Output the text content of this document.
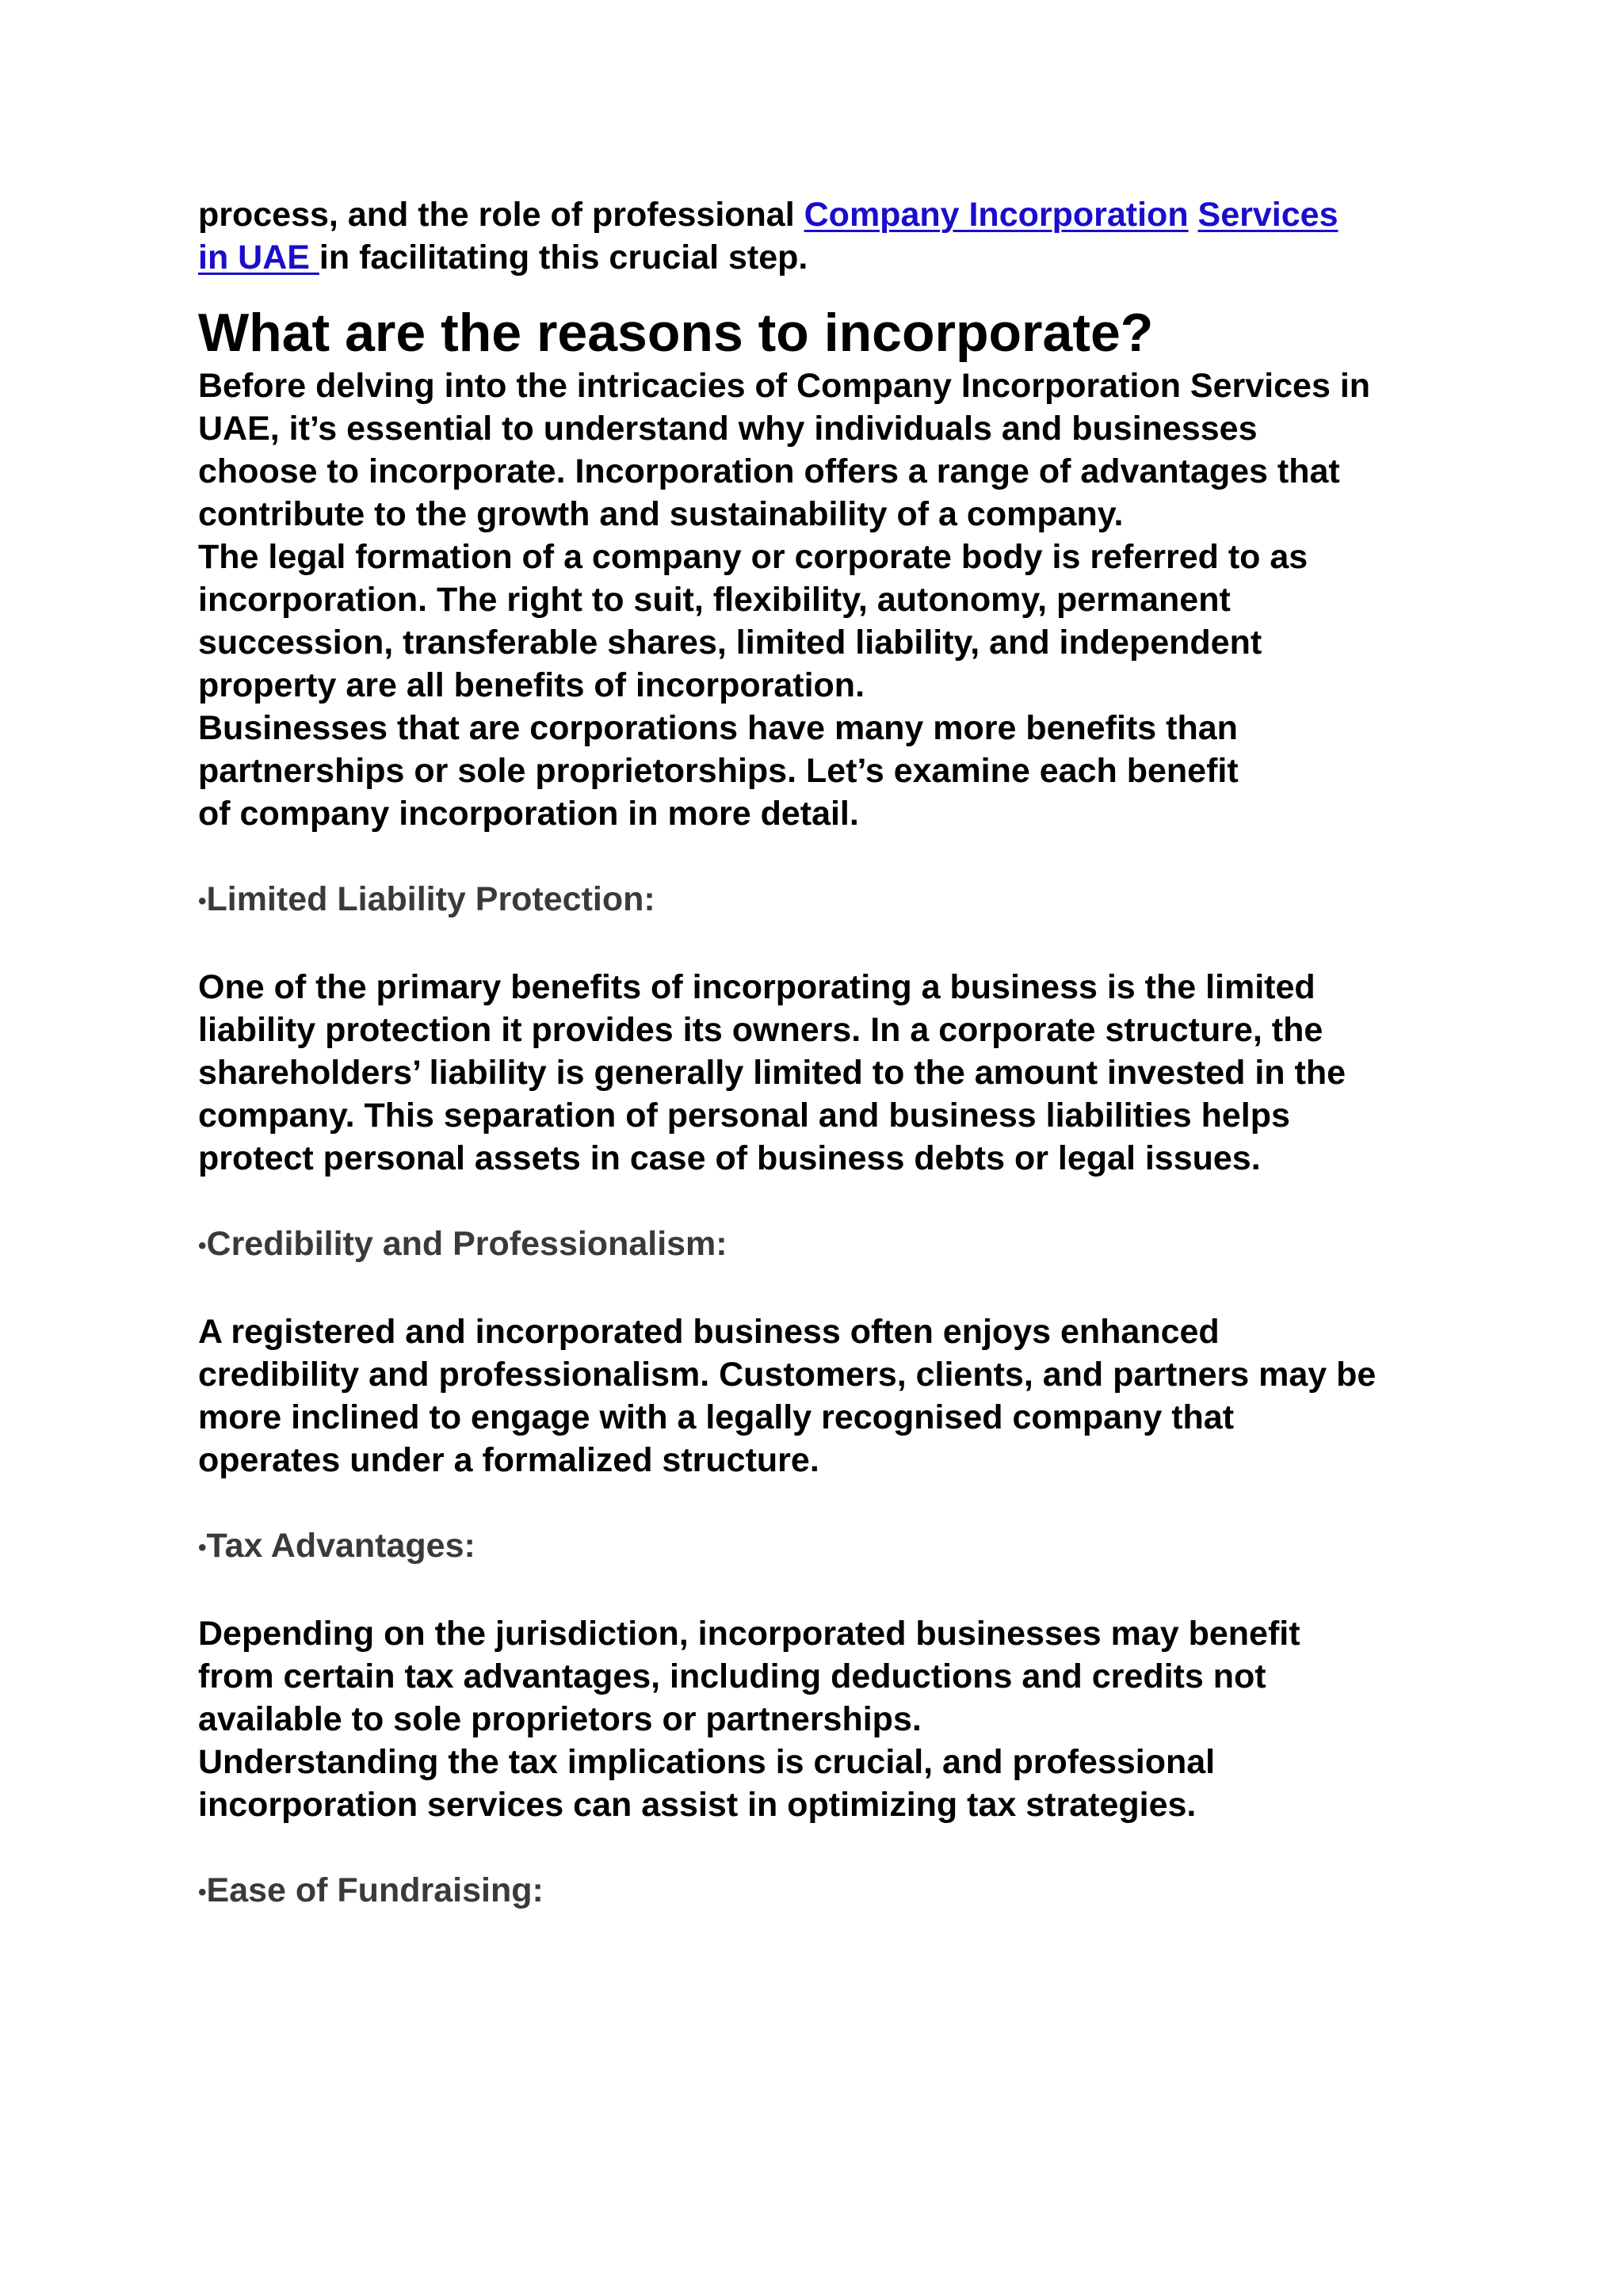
process, and the role of professional Company Incorporation Services
in UAE in facilitating this crucial step.

What are the reasons to incorporate?

Before delving into the intricacies of Company Incorporation Services in
UAE, it’s essential to understand why individuals and businesses
choose to incorporate. Incorporation offers a range of advantages that
contribute to the growth and sustainability of a company.
The legal formation of a company or corporate body is referred to as
incorporation. The right to suit, flexibility, autonomy, permanent
succession, transferable shares, limited liability, and independent
property are all benefits of incorporation.
Businesses that are corporations have many more benefits than
partnerships or sole proprietorships. Let’s examine each benefit
of company incorporation in more detail.

•Limited Liability Protection:

One of the primary benefits of incorporating a business is the limited
liability protection it provides its owners. In a corporate structure, the
shareholders’ liability is generally limited to the amount invested in the
company. This separation of personal and business liabilities helps
protect personal assets in case of business debts or legal issues.

•Credibility and Professionalism:

A registered and incorporated business often enjoys enhanced
credibility and professionalism. Customers, clients, and partners may be
more inclined to engage with a legally recognised company that
operates under a formalized structure.

•Tax Advantages:

Depending on the jurisdiction, incorporated businesses may benefit
from certain tax advantages, including deductions and credits not
available to sole proprietors or partnerships.
Understanding the tax implications is crucial, and professional
incorporation services can assist in optimizing tax strategies.

•Ease of Fundraising:
